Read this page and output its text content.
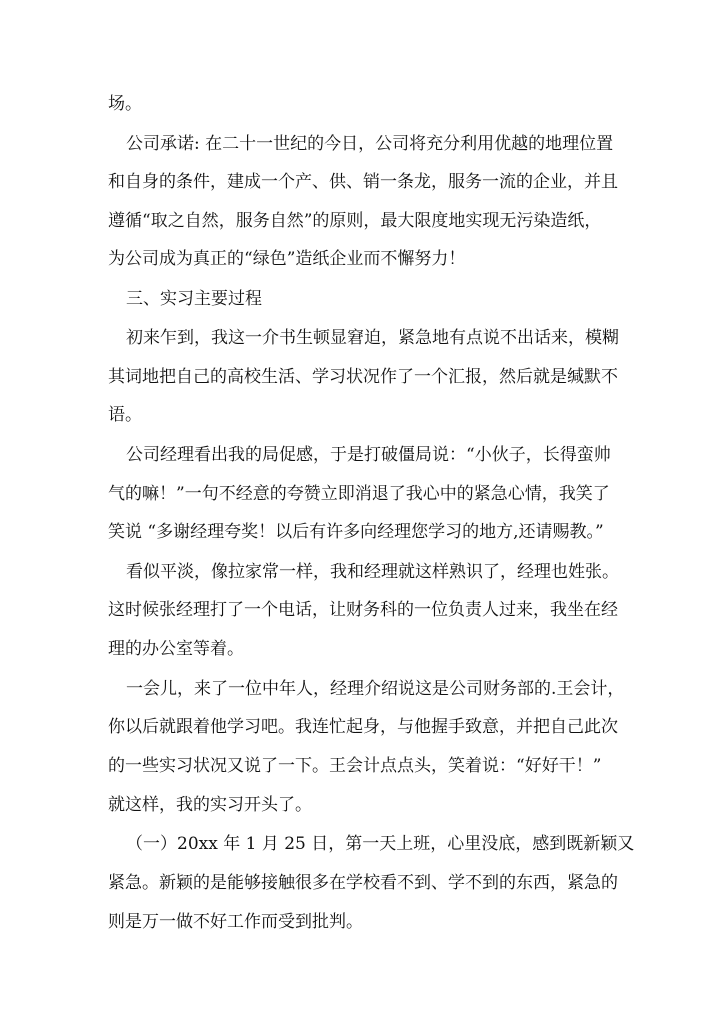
场。
公司承诺: 在二十一世纪的今日，公司将充分利用优越的地理位置
和自身的条件，建成一个产、供、销一条龙，服务一流的企业，并且
遵循“取之自然，服务自然”的原则，最大限度地实现无污染造纸，
为公司成为真正的“绿色”造纸企业而不懈努力！
三、实习主要过程
初来乍到，我这一介书生顿显窘迫，紧急地有点说不出话来，模糊
其词地把自己的高校生活、学习状况作了一个汇报，然后就是缄默不
语。
公司经理看出我的局促感，于是打破僵局说：“小伙子，长得蛮帅
气的嘛！”一句不经意的夸赞立即消退了我心中的紧急心情，我笑了
笑说 “多谢经理夸奖！以后有许多向经理您学习的地方,还请赐教。”
看似平淡，像拉家常一样，我和经理就这样熟识了，经理也姓张。
这时候张经理打了一个电话，让财务科的一位负责人过来，我坐在经
理的办公室等着。
一会儿，来了一位中年人，经理介绍说这是公司财务部的.王会计，
你以后就跟着他学习吧。我连忙起身，与他握手致意，并把自己此次
的一些实习状况又说了一下。王会计点点头，笑着说：“好好干！”
就这样，我的实习开头了。
（一）20xx 年 1 月 25 日，第一天上班，心里没底，感到既新颖又
紧急。新颖的是能够接触很多在学校看不到、学不到的东西，紧急的
则是万一做不好工作而受到批判。
